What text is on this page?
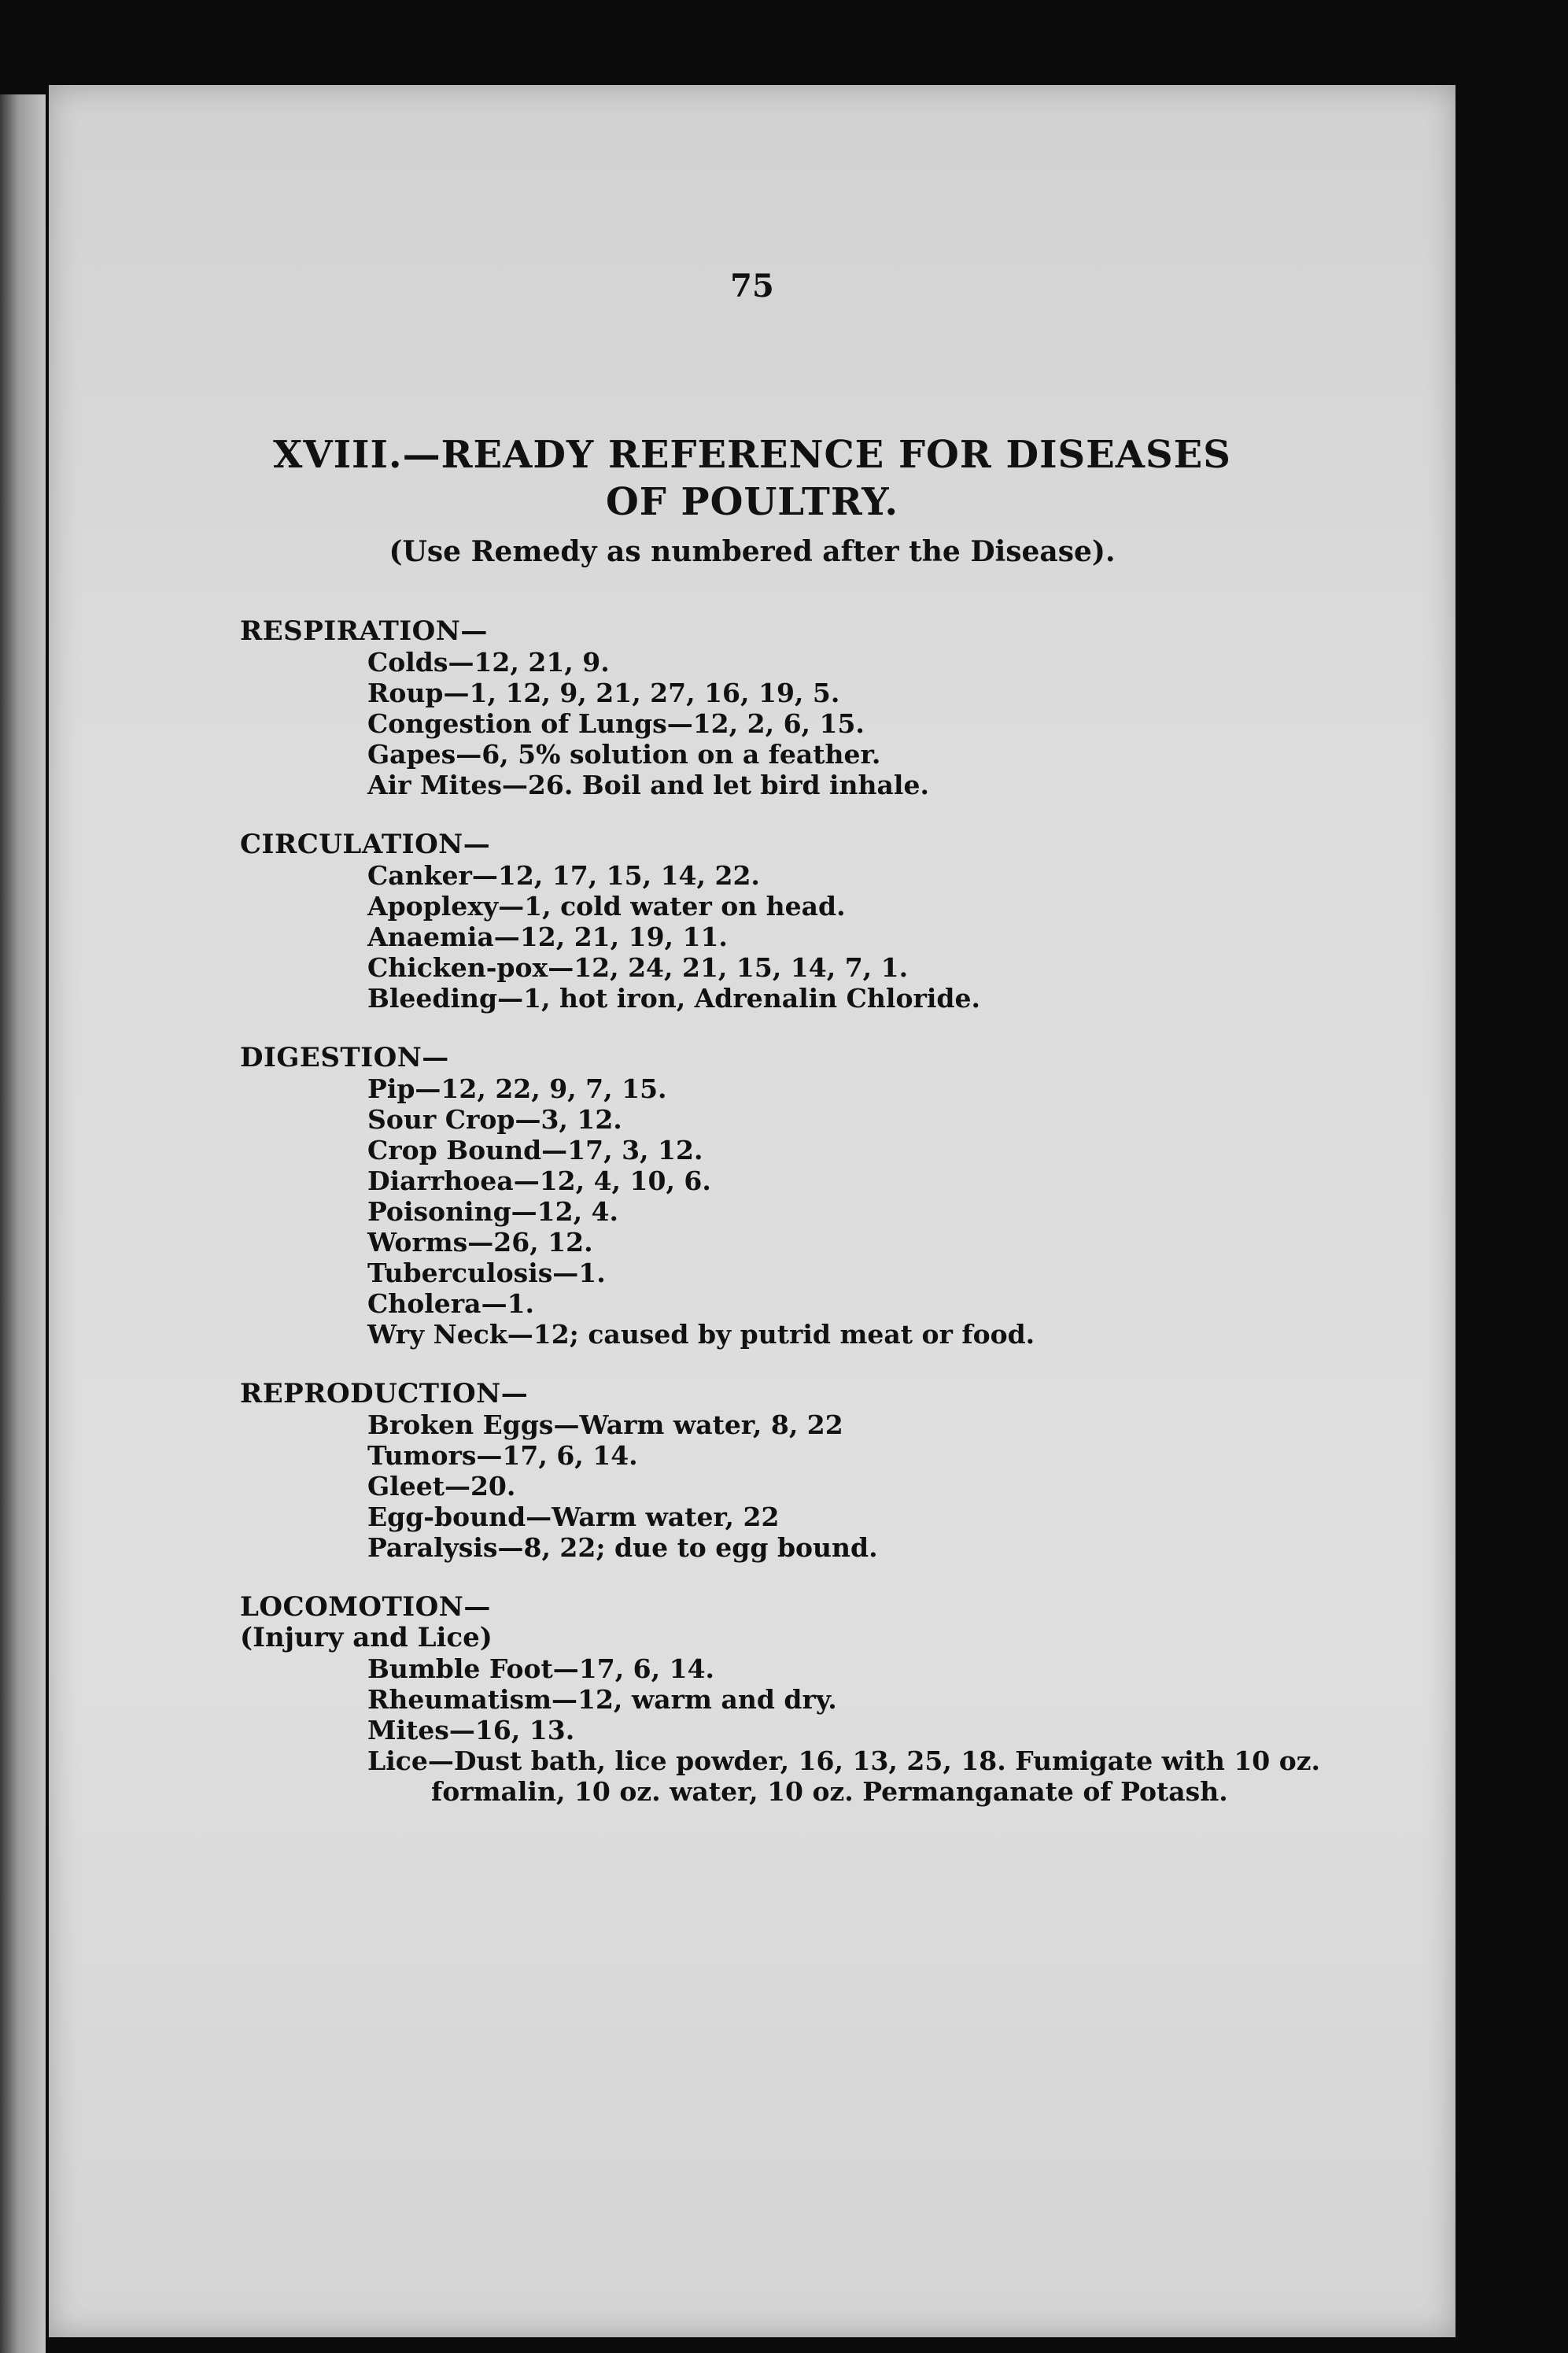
75
XVIII.—READY REFERENCE FOR DISEASES
OF POULTRY.
(Use Remedy as numbered after the Disease).
RESPIRATION—
Colds—12, 21, 9.
Roup—1, 12, 9, 21, 27, 16, 19, 5.
Congestion of Lungs—12, 2, 6, 15.
Gapes—6, 5% solution on a feather.
Air Mites—26. Boil and let bird inhale.
CIRCULATION—
Canker—12, 17, 15, 14, 22.
Apoplexy—1, cold water on head.
Anaemia—12, 21, 19, 11.
Chicken-pox—12, 24, 21, 15, 14, 7, 1.
Bleeding—1, hot iron, Adrenalin Chloride.
DIGESTION—
Pip—12, 22, 9, 7, 15.
Sour Crop—3, 12.
Crop Bound—17, 3, 12.
Diarrhoea—12, 4, 10, 6.
Poisoning—12, 4.
Worms—26, 12.
Tuberculosis—1.
Cholera—1.
Wry Neck—12; caused by putrid meat or food.
REPRODUCTION—
Broken Eggs—Warm water, 8, 22
Tumors—17, 6, 14.
Gleet—20.
Egg-bound—Warm water, 22
Paralysis—8, 22; due to egg bound.
LOCOMOTION—
(Injury and Lice)
Bumble Foot—17, 6, 14.
Rheumatism—12, warm and dry.
Mites—16, 13.
Lice—Dust bath, lice powder, 16, 13, 25, 18. Fumigate with 10 oz. formalin, 10 oz. water, 10 oz. Permanganate of Potash.
